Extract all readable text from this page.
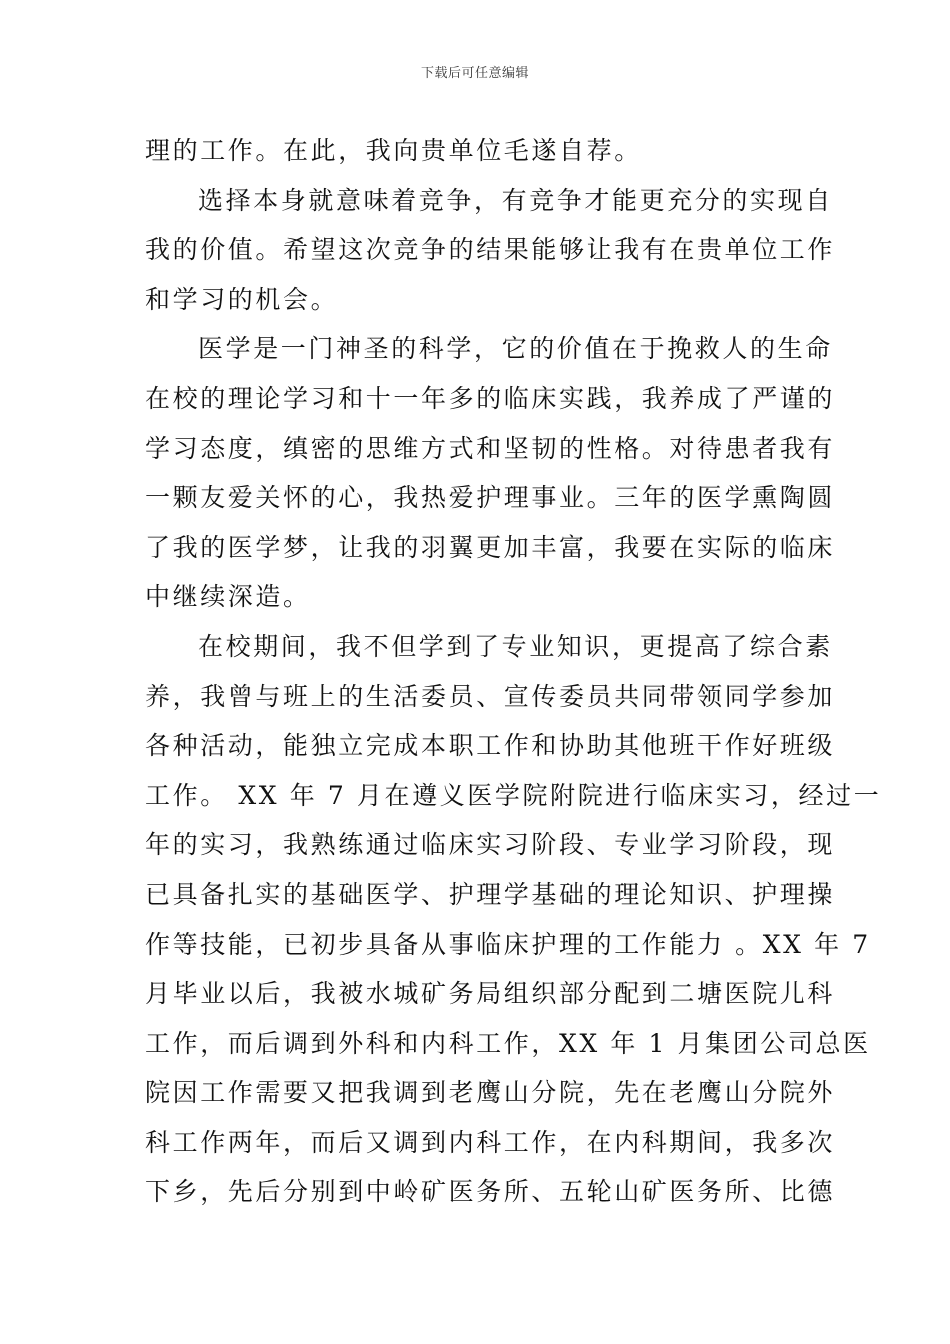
下载后可任意编辑
理的工作。在此，我向贵单位毛遂自荐。
选择本身就意味着竞争，有竞争才能更充分的实现自
我的价值。希望这次竞争的结果能够让我有在贵单位工作
和学习的机会。
医学是一门神圣的科学，它的价值在于挽救人的生命
在校的理论学习和十一年多的临床实践，我养成了严谨的
学习态度，缜密的思维方式和坚韧的性格。对待患者我有
一颗友爱关怀的心，我热爱护理事业。三年的医学熏陶圆
了我的医学梦，让我的羽翼更加丰富，我要在实际的临床
中继续深造。
在校期间，我不但学到了专业知识，更提高了综合素
养，我曾与班上的生活委员、宣传委员共同带领同学参加
各种活动，能独立完成本职工作和协助其他班干作好班级
工作。 XX 年 7 月在遵义医学院附院进行临床实习，经过一
年的实习，我熟练通过临床实习阶段、专业学习阶段，现
已具备扎实的基础医学、护理学基础的理论知识、护理操
作等技能，已初步具备从事临床护理的工作能力 。XX 年 7
月毕业以后，我被水城矿务局组织部分配到二塘医院儿科
工作，而后调到外科和内科工作，XX 年 1 月集团公司总医
院因工作需要又把我调到老鹰山分院，先在老鹰山分院外
科工作两年，而后又调到内科工作，在内科期间，我多次
下乡，先后分别到中岭矿医务所、五轮山矿医务所、比德
